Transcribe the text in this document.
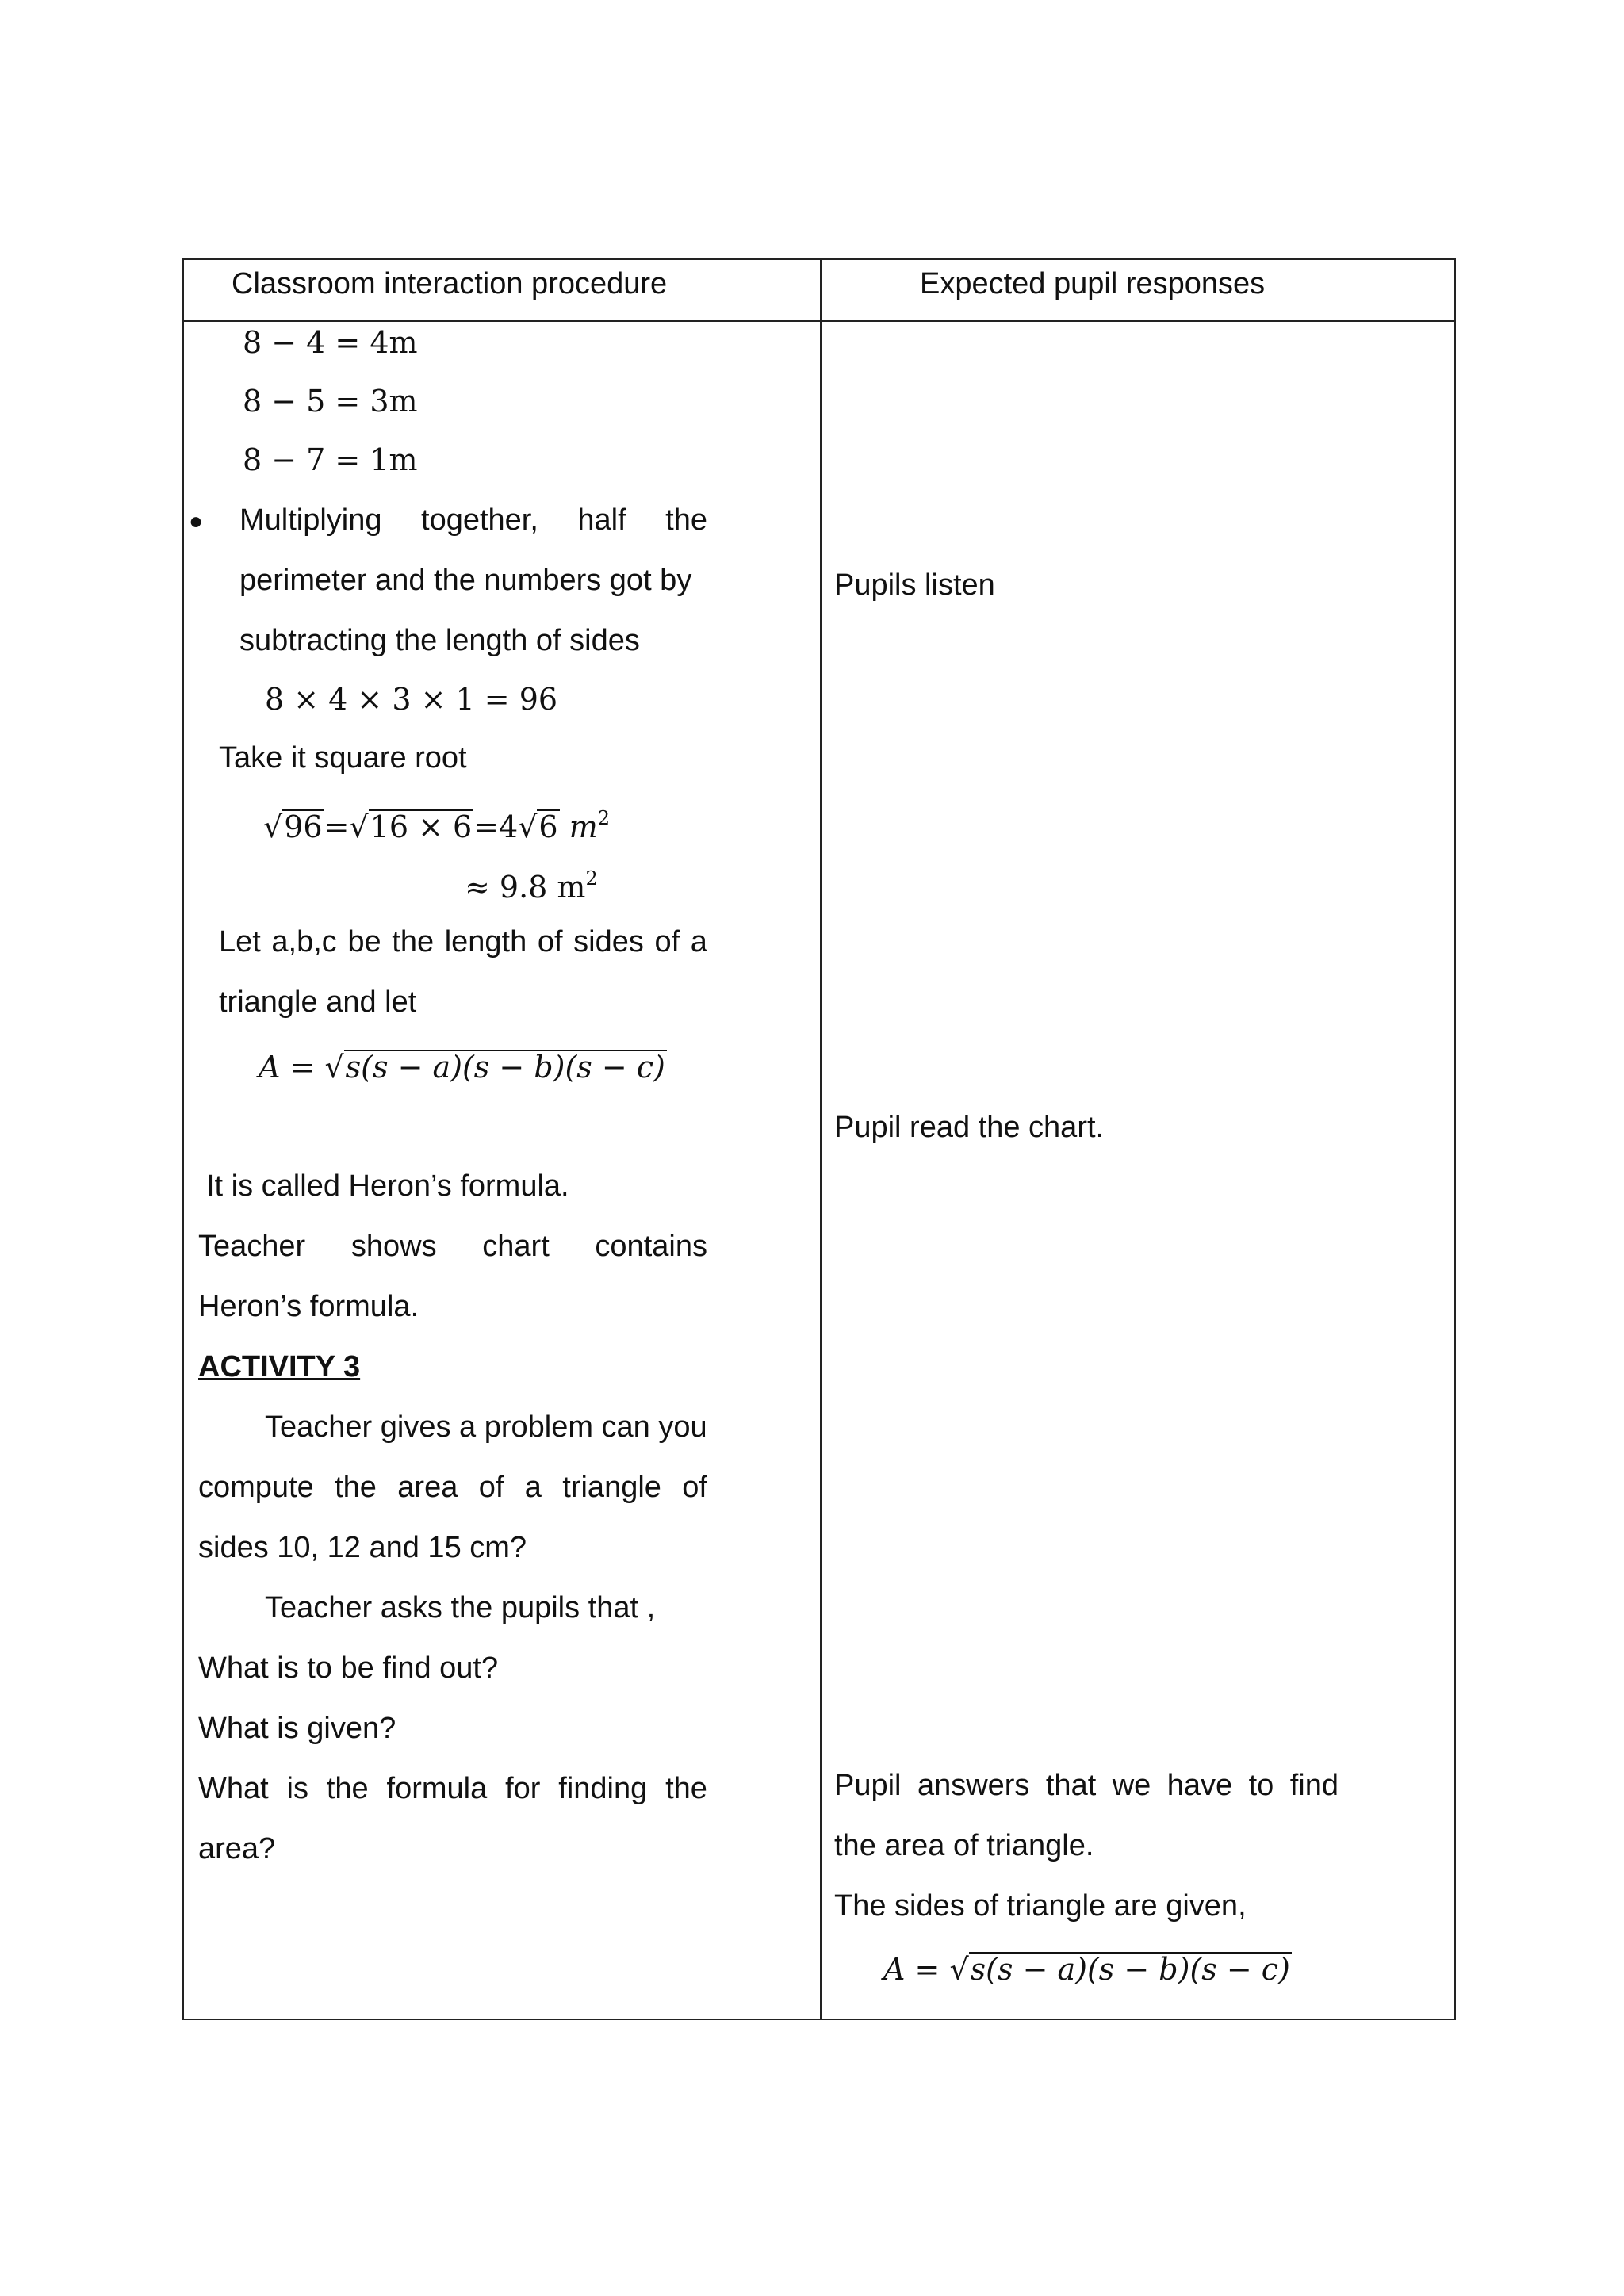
Classroom interaction procedure	Expected pupil responses
8 − 4 = 4m
8 − 5 = 3m
8 − 7 = 1m
● Multiplying together, half the
perimeter and the numbers got by
subtracting the length of sides
8 × 4 × 3 × 1 = 96
Take it square root
√96=√16 × 6=4√6 $m^2$
≈ 9.8 $m^2$
Let a,b,c be the length of sides of a
triangle and let
A = √s(s − a)(s − b)(s − c)
It is called Heron’s formula.
Teacher shows chart contains
Heron’s formula.
ACTIVITY 3
Teacher gives a problem can you
compute the area of a triangle of
sides 10, 12 and 15 cm?
Teacher asks the pupils that ,
What is to be find out?
What is given?
What is the formula for finding the
area?
Pupils listen
Pupil read the chart.
Pupil answers that we have to find
the area of triangle.
The sides of triangle are given,
A = √s(s − a)(s − b)(s − c)
